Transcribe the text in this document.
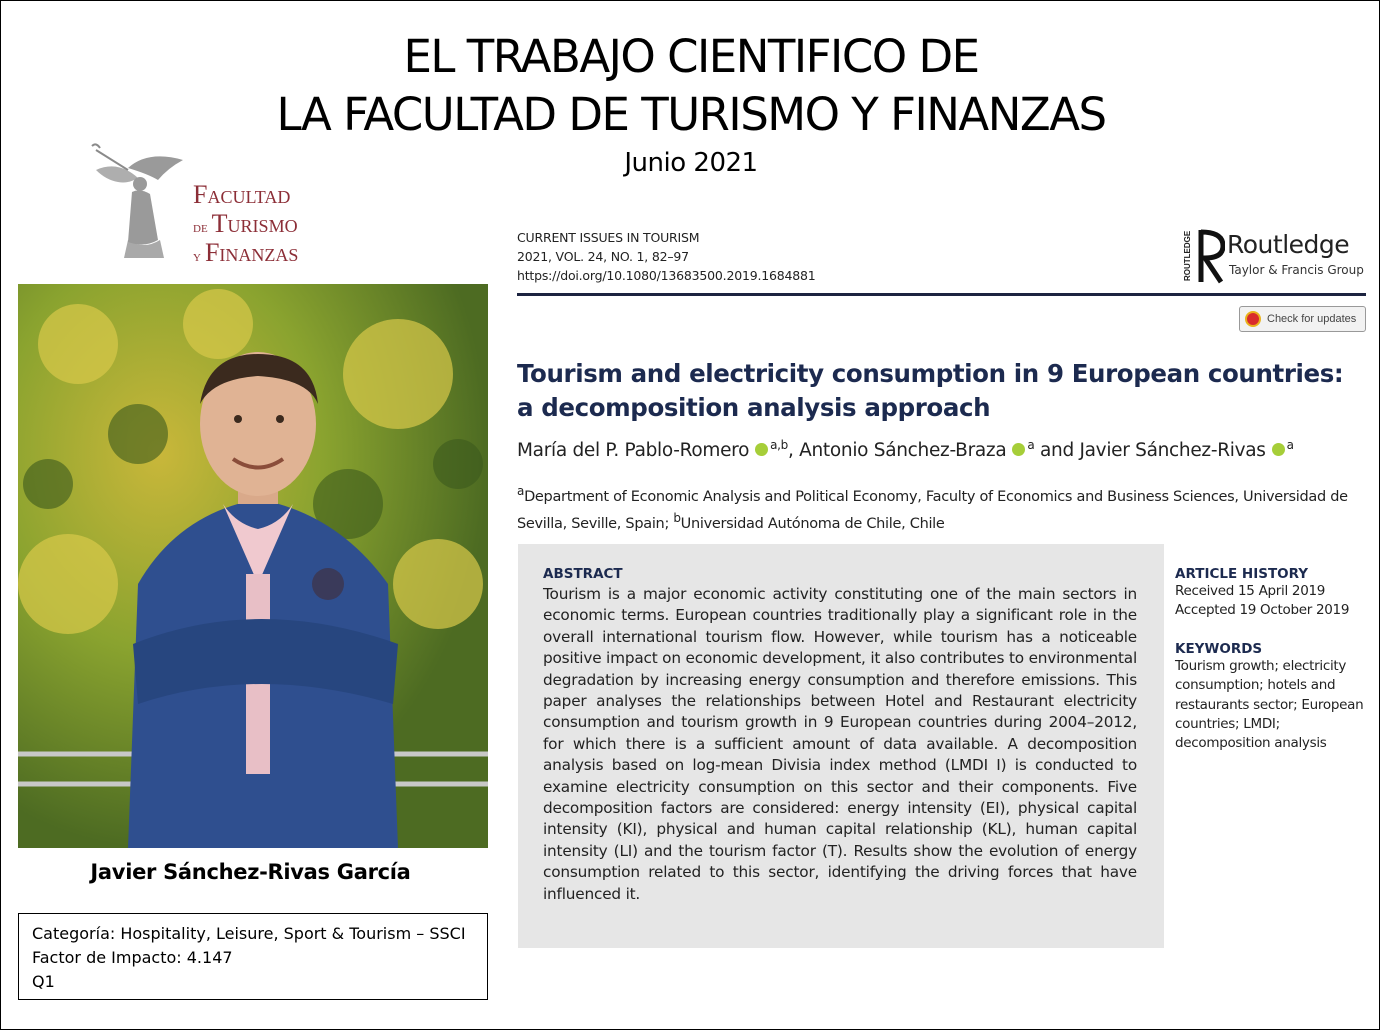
EL TRABAJO CIENTIFICO DE
LA FACULTAD DE TURISMO Y FINANZAS
Junio 2021
Facultad
de Turismo
y Finanzas
Javier Sánchez-Rivas García
Categoría: Hospitality, Leisure, Sport & Tourism – SSCI
Factor de Impacto: 4.147
Q1
CURRENT ISSUES IN TOURISM
2021, VOL. 24, NO. 1, 82–97
https://doi.org/10.1080/13683500.2019.1684881	ROUTLEDGE Routledge
Taylor & Francis Group
Check for updates
Tourism and electricity consumption in 9 European countries: a decomposition analysis approach
María del P. Pablo-Romero $^{a,b}$, Antonio Sánchez-Braza $^a$ and Javier Sánchez-Rivas $^a$
$^a$Department of Economic Analysis and Political Economy, Faculty of Economics and Business Sciences, Universidad de Sevilla, Seville, Spain; $^b$Universidad Autónoma de Chile, Chile
ABSTRACT
Tourism is a major economic activity constituting one of the main sectors in economic terms. European countries traditionally play a significant role in the overall international tourism flow. However, while tourism has a noticeable positive impact on economic development, it also contributes to environmental degradation by increasing energy consumption and therefore emissions. This paper analyses the relationships between Hotel and Restaurant electricity consumption and tourism growth in 9 European countries during 2004–2012, for which there is a sufficient amount of data available. A decomposition analysis based on log-mean Divisia index method (LMDI I) is conducted to examine electricity consumption on this sector and their components. Five decomposition factors are considered: energy intensity (EI), physical capital intensity (KI), physical and human capital relationship (KL), human capital intensity (LI) and the tourism factor (T). Results show the evolution of energy consumption related to this sector, identifying the driving forces that have influenced it.
ARTICLE HISTORY
Received 15 April 2019
Accepted 19 October 2019
KEYWORDS
Tourism growth; electricity consumption; hotels and restaurants sector; European countries; LMDI; decomposition analysis
